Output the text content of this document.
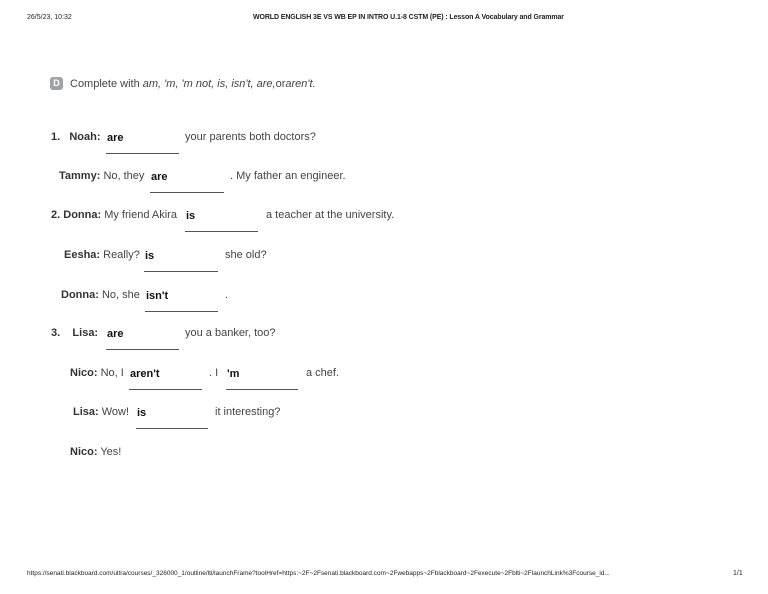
26/5/23, 10:32	WORLD ENGLISH 3E VS WB EP IN INTRO U.1-8 CSTM (PE) : Lesson A Vocabulary and Grammar
D Complete with
am, 'm, 'm not, is, isn't, are, or aren't.
1. Noah: are	your parents both doctors?
Tammy: No, they are	. My father an engineer.
2. Donna: My friend Akira is	a teacher at the university.
Eesha: Really? is	she old?
Donna: No, she isn't	.
3. Lisa: are	you a banker, too?
Nico: No, I aren't	. I 'm	a chef.
Lisa: Wow! is	it interesting?
Nico: Yes!
https://senati.blackboard.com/ultra/courses/_326000_1/outline/lti/launchFrame?toolHref=https:~2F~2Fsenati.blackboard.com~2Fwebapps~2Fblackboard~2Fexecute~2Fblti~2FlaunchLink%3Fcourse_id...	1/1
